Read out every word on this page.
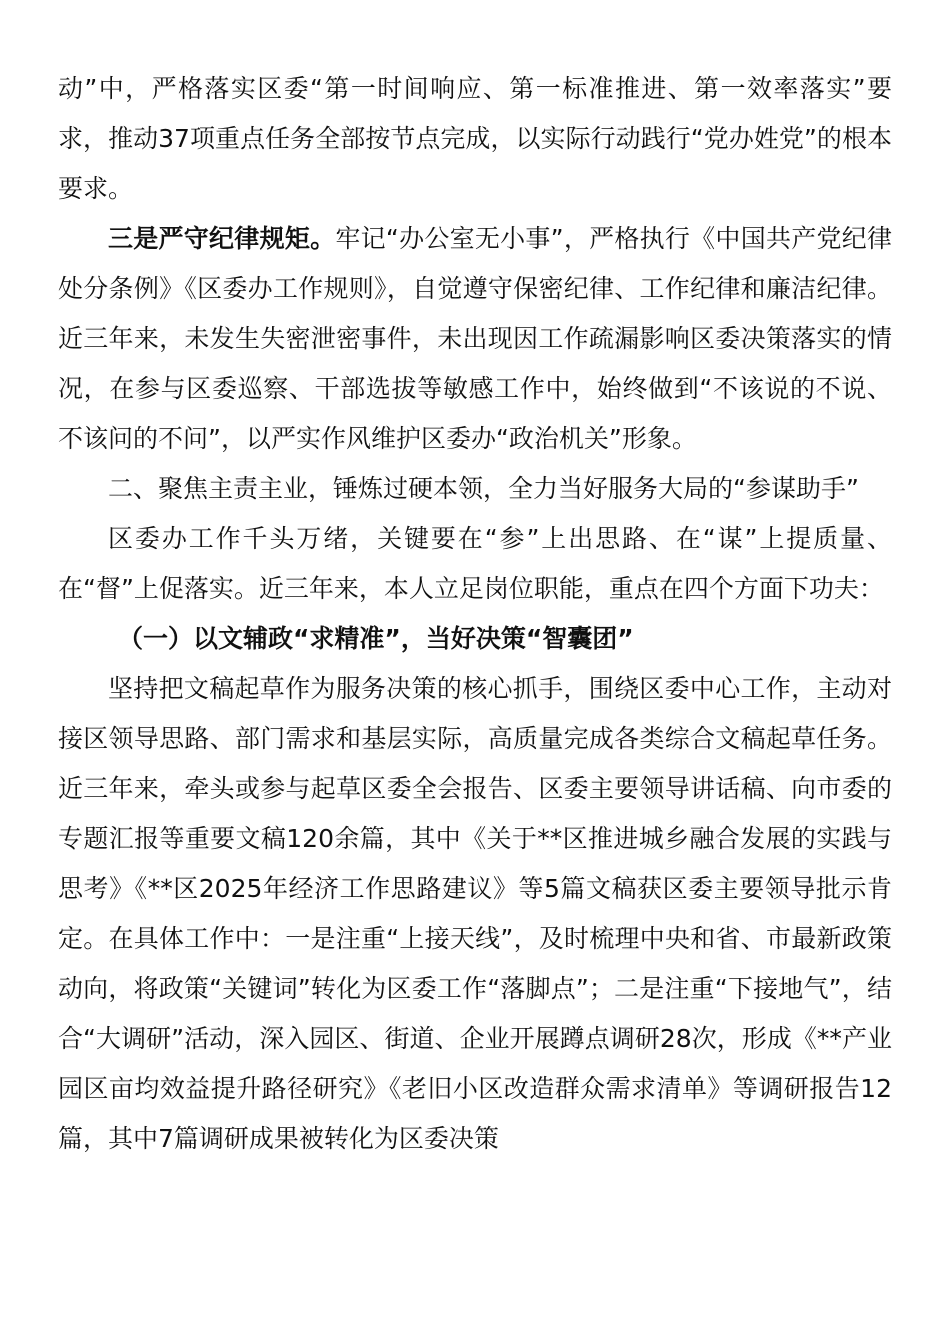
动”中，严格落实区委“第一时间响应、第一标准推进、第一效率落实”要求，推动37项重点任务全部按节点完成，以实际行动践行“党办姓党”的根本要求。

三是严守纪律规矩。牢记“办公室无小事”，严格执行《中国共产党纪律处分条例》《区委办工作规则》，自觉遵守保密纪律、工作纪律和廉洁纪律。近三年来，未发生失密泄密事件，未出现因工作疏漏影响区委决策落实的情况，在参与区委巡察、干部选拔等敏感工作中，始终做到“不该说的不说、不该问的不问”，以严实作风维护区委办“政治机关”形象。

二、聚焦主责主业，锤炼过硬本领，全力当好服务大局的“参谋助手”

区委办工作千头万绪，关键要在“参”上出思路、在“谋”上提质量、在“督”上促落实。近三年来，本人立足岗位职能，重点在四个方面下功夫：

（一）以文辅政“求精准”，当好决策“智囊团”

坚持把文稿起草作为服务决策的核心抓手，围绕区委中心工作，主动对接区领导思路、部门需求和基层实际，高质量完成各类综合文稿起草任务。近三年来，牵头或参与起草区委全会报告、区委主要领导讲话稿、向市委的专题汇报等重要文稿120余篇，其中《关于**区推进城乡融合发展的实践与思考》《**区2025年经济工作思路建议》等5篇文稿获区委主要领导批示肯定。在具体工作中：一是注重“上接天线”，及时梳理中央和省、市最新政策动向，将政策“关键词”转化为区委工作“落脚点”；二是注重“下接地气”，结合“大调研”活动，深入园区、街道、企业开展蹲点调研28次，形成《**产业园区亩均效益提升路径研究》《老旧小区改造群众需求清单》等调研报告12篇，其中7篇调研成果被转化为区委决策
